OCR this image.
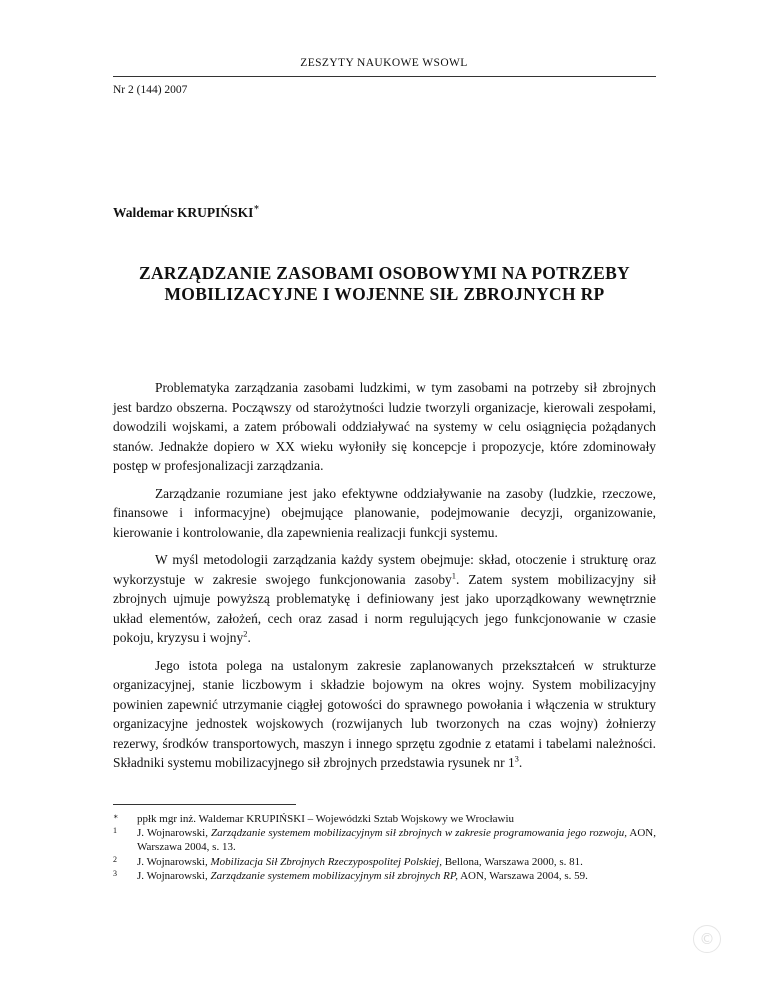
ZESZYTY NAUKOWE WSOWL
Nr 2 (144) 2007
Waldemar KRUPIŃSKI∗
ZARZĄDZANIE ZASOBAMI OSOBOWYMI NA POTRZEBY
MOBILIZACYJNE I WOJENNE SIŁ ZBROJNYCH RP

Problematyka zarządzania zasobami ludzkimi, w tym zasobami na potrzeby sił zbrojnych jest bardzo obszerna. Począwszy od starożytności ludzie tworzyli organizacje, kierowali zespołami, dowodzili wojskami, a zatem próbowali oddziaływać na systemy w celu osiągnięcia pożądanych stanów. Jednakże dopiero w XX wieku wyłoniły się koncepcje i propozycje, które zdominowały postęp w profesjonalizacji zarządzania.

Zarządzanie rozumiane jest jako efektywne oddziaływanie na zasoby (ludzkie, rzeczowe, finansowe i informacyjne) obejmujące planowanie, podejmowanie decyzji, organizowanie, kierowanie i kontrolowanie, dla zapewnienia realizacji funkcji systemu.

W myśl metodologii zarządzania każdy system obejmuje: skład, otoczenie i strukturę oraz wykorzystuje w zakresie swojego funkcjonowania zasoby$^1$. Zatem system mobilizacyjny sił zbrojnych ujmuje powyższą problematykę i definiowany jest jako uporządkowany wewnętrznie układ elementów, założeń, cech oraz zasad i norm regulujących jego funkcjonowanie w czasie pokoju, kryzysu i wojny$^2$.

Jego istota polega na ustalonym zakresie zaplanowanych przekształceń w strukturze organizacyjnej, stanie liczbowym i składzie bojowym na okres wojny. System mobilizacyjny powinien zapewnić utrzymanie ciągłej gotowości do sprawnego powołania i włączenia w struktury organizacyjne jednostek wojskowych (rozwijanych lub tworzonych na czas wojny) żołnierzy rezerwy, środków transportowych, maszyn i innego sprzętu zgodnie z etatami i tabelami należności. Składniki systemu mobilizacyjnego sił zbrojnych przedstawia rysunek nr $1^3$.

∗ ppłk mgr inż. Waldemar KRUPIŃSKI – Wojewódzki Sztab Wojskowy we Wrocławiu
1 J. Wojnarowski, Zarządzanie systemem mobilizacyjnym sił zbrojnych w zakresie programowania jego rozwoju, AON, Warszawa 2004, s. 13.
2 J. Wojnarowski, Mobilizacja Sił Zbrojnych Rzeczypospolitej Polskiej, Bellona, Warszawa 2000, s. 81.
3 J. Wojnarowski, Zarządzanie systemem mobilizacyjnym sił zbrojnych RP, AON, Warszawa 2004, s. 59.
©
